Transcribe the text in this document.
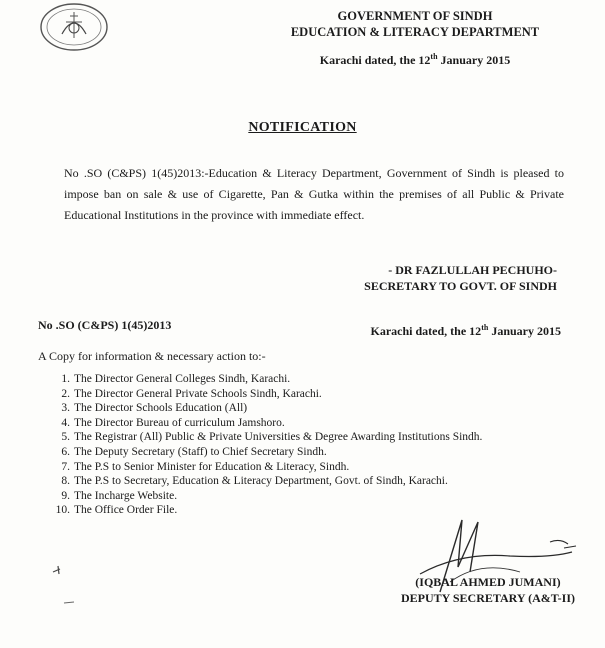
GOVERNMENT OF SINDH
EDUCATION & LITERACY DEPARTMENT
Karachi dated, the 12th January 2015
NOTIFICATION
No .SO (C&PS) 1(45)2013:-Education & Literacy Department, Government of Sindh is pleased to impose ban on sale & use of Cigarette, Pan & Gutka within the premises of all Public & Private Educational Institutions in the province with immediate effect.
- DR FAZLULLAH PECHUHO-
SECRETARY TO GOVT. OF SINDH
No .SO (C&PS) 1(45)2013	Karachi dated, the 12th January 2015
A Copy for information & necessary action to:-
1. The Director General Colleges Sindh, Karachi.
2. The Director General Private Schools Sindh, Karachi.
3. The Director Schools Education (All)
4. The Director Bureau of curriculum Jamshoro.
5. The Registrar (All) Public & Private Universities & Degree Awarding Institutions Sindh.
6. The Deputy Secretary (Staff) to Chief Secretary Sindh.
7. The P.S to Senior Minister for Education & Literacy, Sindh.
8. The P.S to Secretary, Education & Literacy Department, Govt. of Sindh, Karachi.
9. The Incharge Website.
10. The Office Order File.
(IQBAL AHMED JUMANI)
DEPUTY SECRETARY (A&T-II)
